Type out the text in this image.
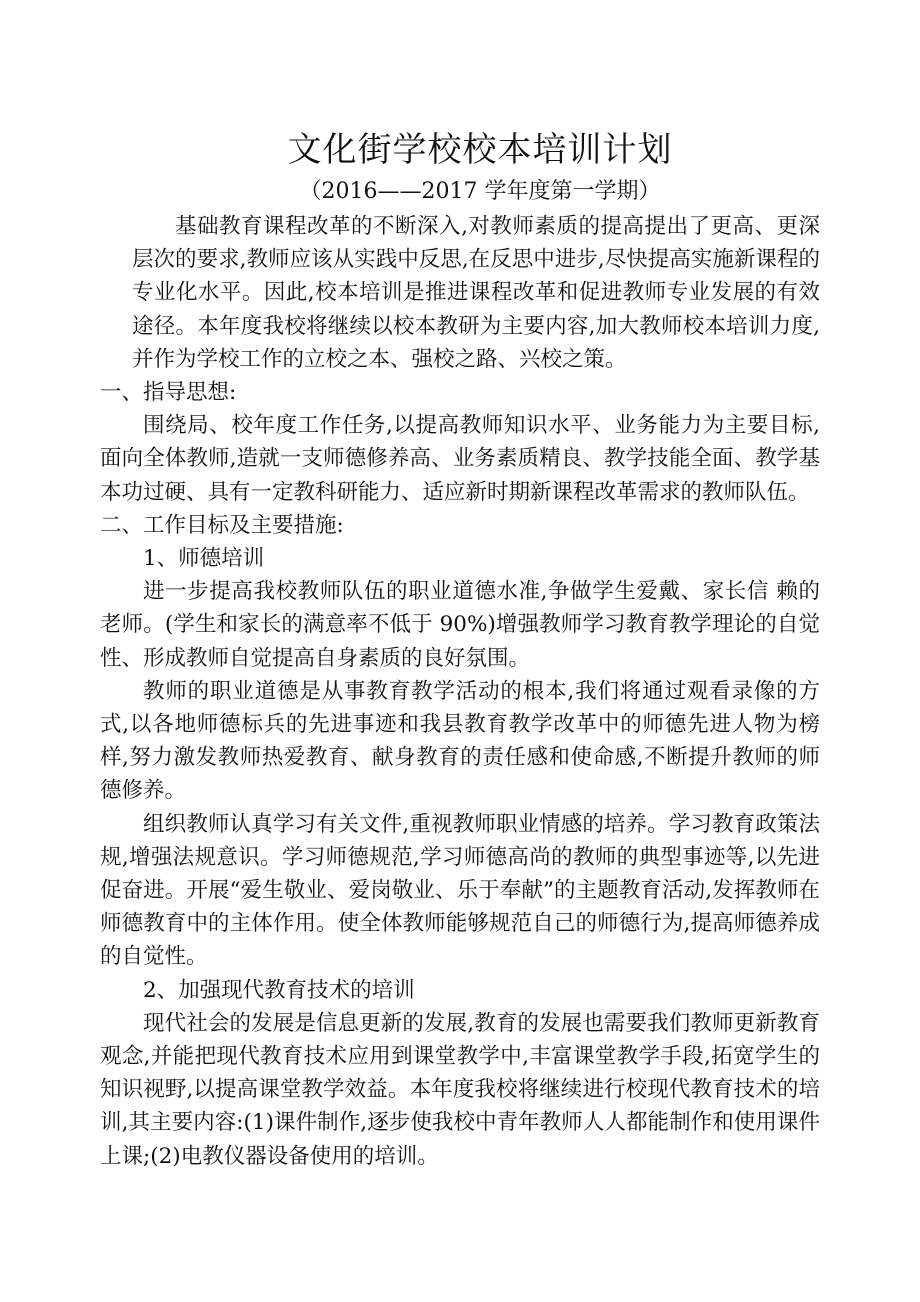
文化街学校校本培训计划

（2016——2017 学年度第一学期）

基础教育课程改革的不断深入,对教师素质的提高提出了更高、更深层次的要求,教师应该从实践中反思,在反思中进步,尽快提高实施新课程的专业化水平。因此,校本培训是推进课程改革和促进教师专业发展的有效途径。本年度我校将继续以校本教研为主要内容,加大教师校本培训力度,并作为学校工作的立校之本、强校之路、兴校之策。

一、指导思想:

围绕局、校年度工作任务,以提高教师知识水平、业务能力为主要目标,面向全体教师,造就一支师德修养高、业务素质精良、教学技能全面、教学基本功过硬、具有一定教科研能力、适应新时期新课程改革需求的教师队伍。

二、工作目标及主要措施:

1、师德培训

进一步提高我校教师队伍的职业道德水准,争做学生爱戴、家长信 赖的老师。(学生和家长的满意率不低于 90%)增强教师学习教育教学理论的自觉性、形成教师自觉提高自身素质的良好氛围。

教师的职业道德是从事教育教学活动的根本,我们将通过观看录像的方式,以各地师德标兵的先进事迹和我县教育教学改革中的师德先进人物为榜样,努力激发教师热爱教育、献身教育的责任感和使命感,不断提升教师的师德修养。

组织教师认真学习有关文件,重视教师职业情感的培养。学习教育政策法规,增强法规意识。学习师德规范,学习师德高尚的教师的典型事迹等,以先进促奋进。开展“爱生敬业、爱岗敬业、乐于奉献”的主题教育活动,发挥教师在师德教育中的主体作用。使全体教师能够规范自己的师德行为,提高师德养成的自觉性。

2、加强现代教育技术的培训

现代社会的发展是信息更新的发展,教育的发展也需要我们教师更新教育观念,并能把现代教育技术应用到课堂教学中,丰富课堂教学手段,拓宽学生的知识视野,以提高课堂教学效益。本年度我校将继续进行校现代教育技术的培训,其主要内容:(1)课件制作,逐步使我校中青年教师人人都能制作和使用课件上课;(2)电教仪器设备使用的培训。
